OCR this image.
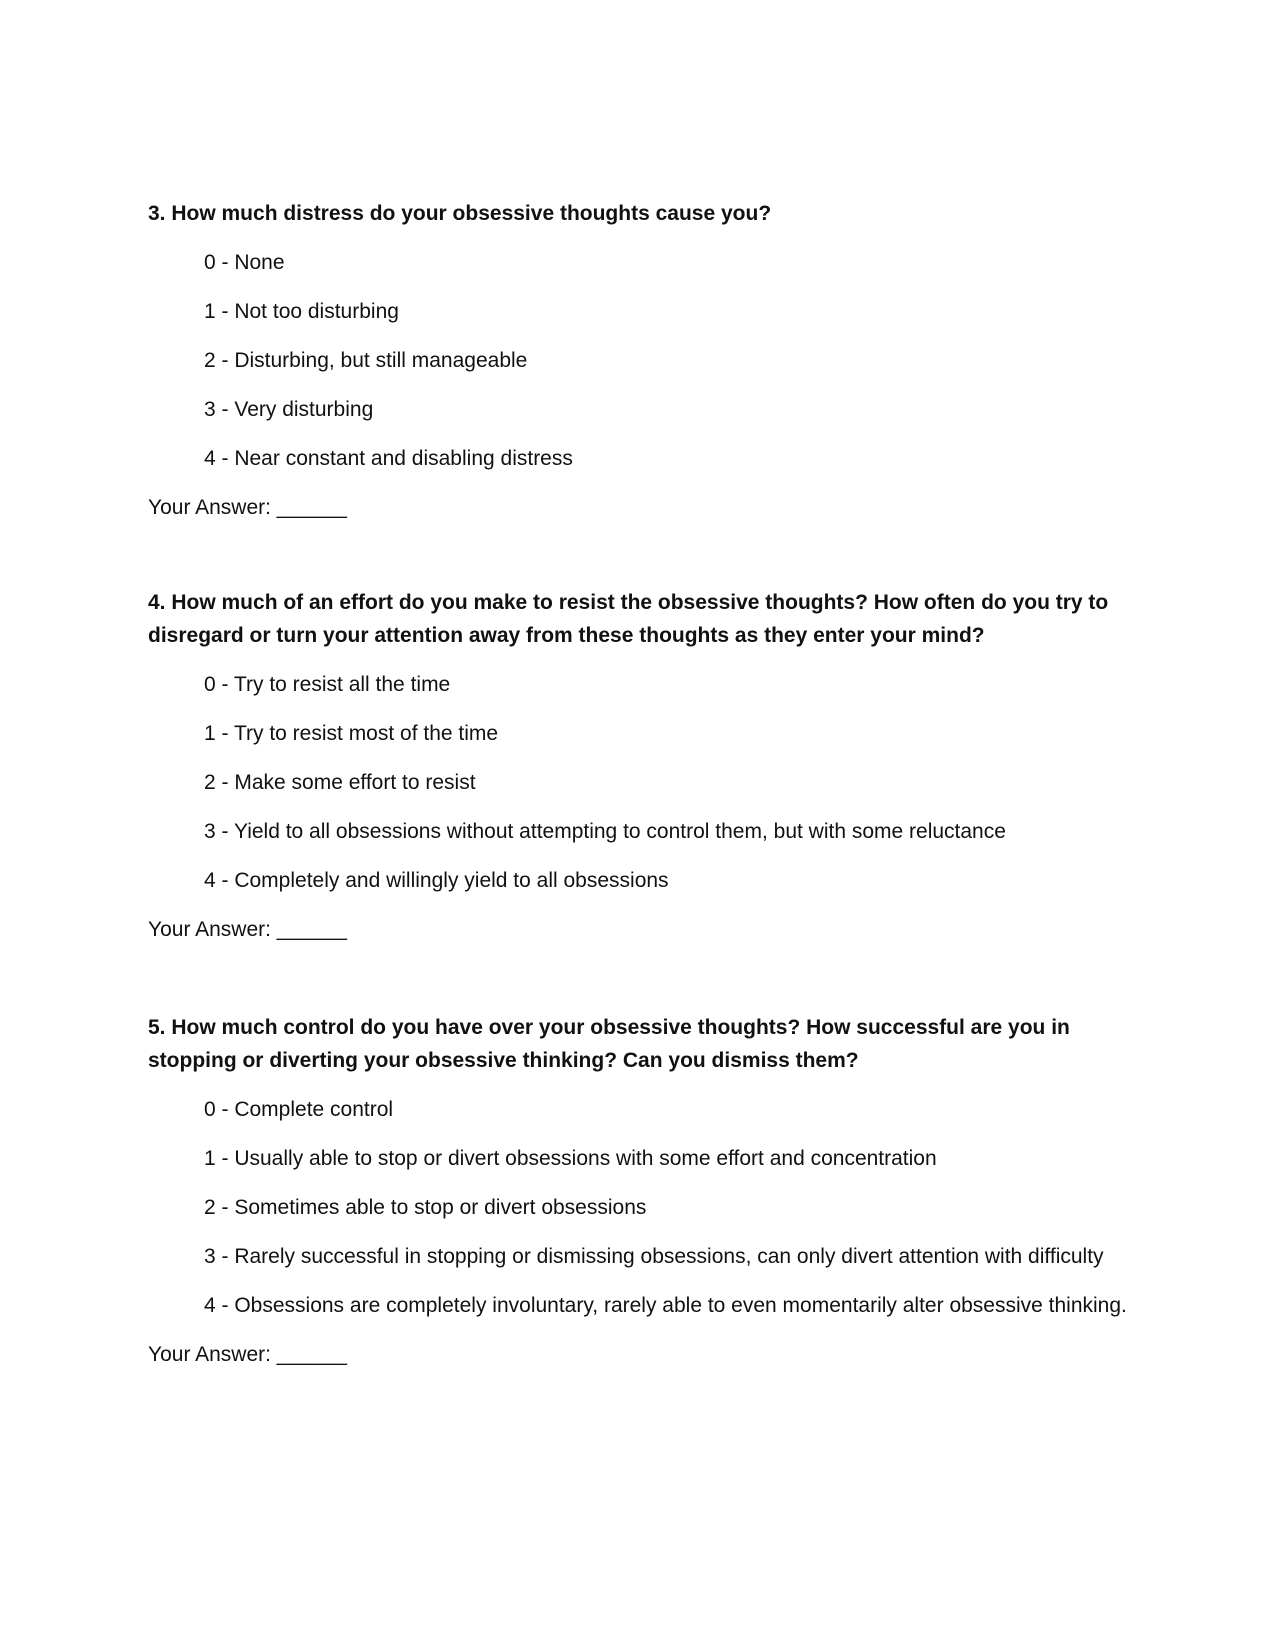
3. How much distress do your obsessive thoughts cause you?

0 - None
1 - Not too disturbing
2 - Disturbing, but still manageable
3 - Very disturbing
4 - Near constant and disabling distress

Your Answer: ______

4. How much of an effort do you make to resist the obsessive thoughts? How often do you try to disregard or turn your attention away from these thoughts as they enter your mind?

0 - Try to resist all the time
1 - Try to resist most of the time
2 - Make some effort to resist
3 - Yield to all obsessions without attempting to control them, but with some reluctance
4 - Completely and willingly yield to all obsessions

Your Answer: ______

5. How much control do you have over your obsessive thoughts? How successful are you in stopping or diverting your obsessive thinking? Can you dismiss them?

0 - Complete control
1 - Usually able to stop or divert obsessions with some effort and concentration
2 - Sometimes able to stop or divert obsessions
3 - Rarely successful in stopping or dismissing obsessions, can only divert attention with difficulty
4 - Obsessions are completely involuntary, rarely able to even momentarily alter obsessive thinking.

Your Answer: ______
